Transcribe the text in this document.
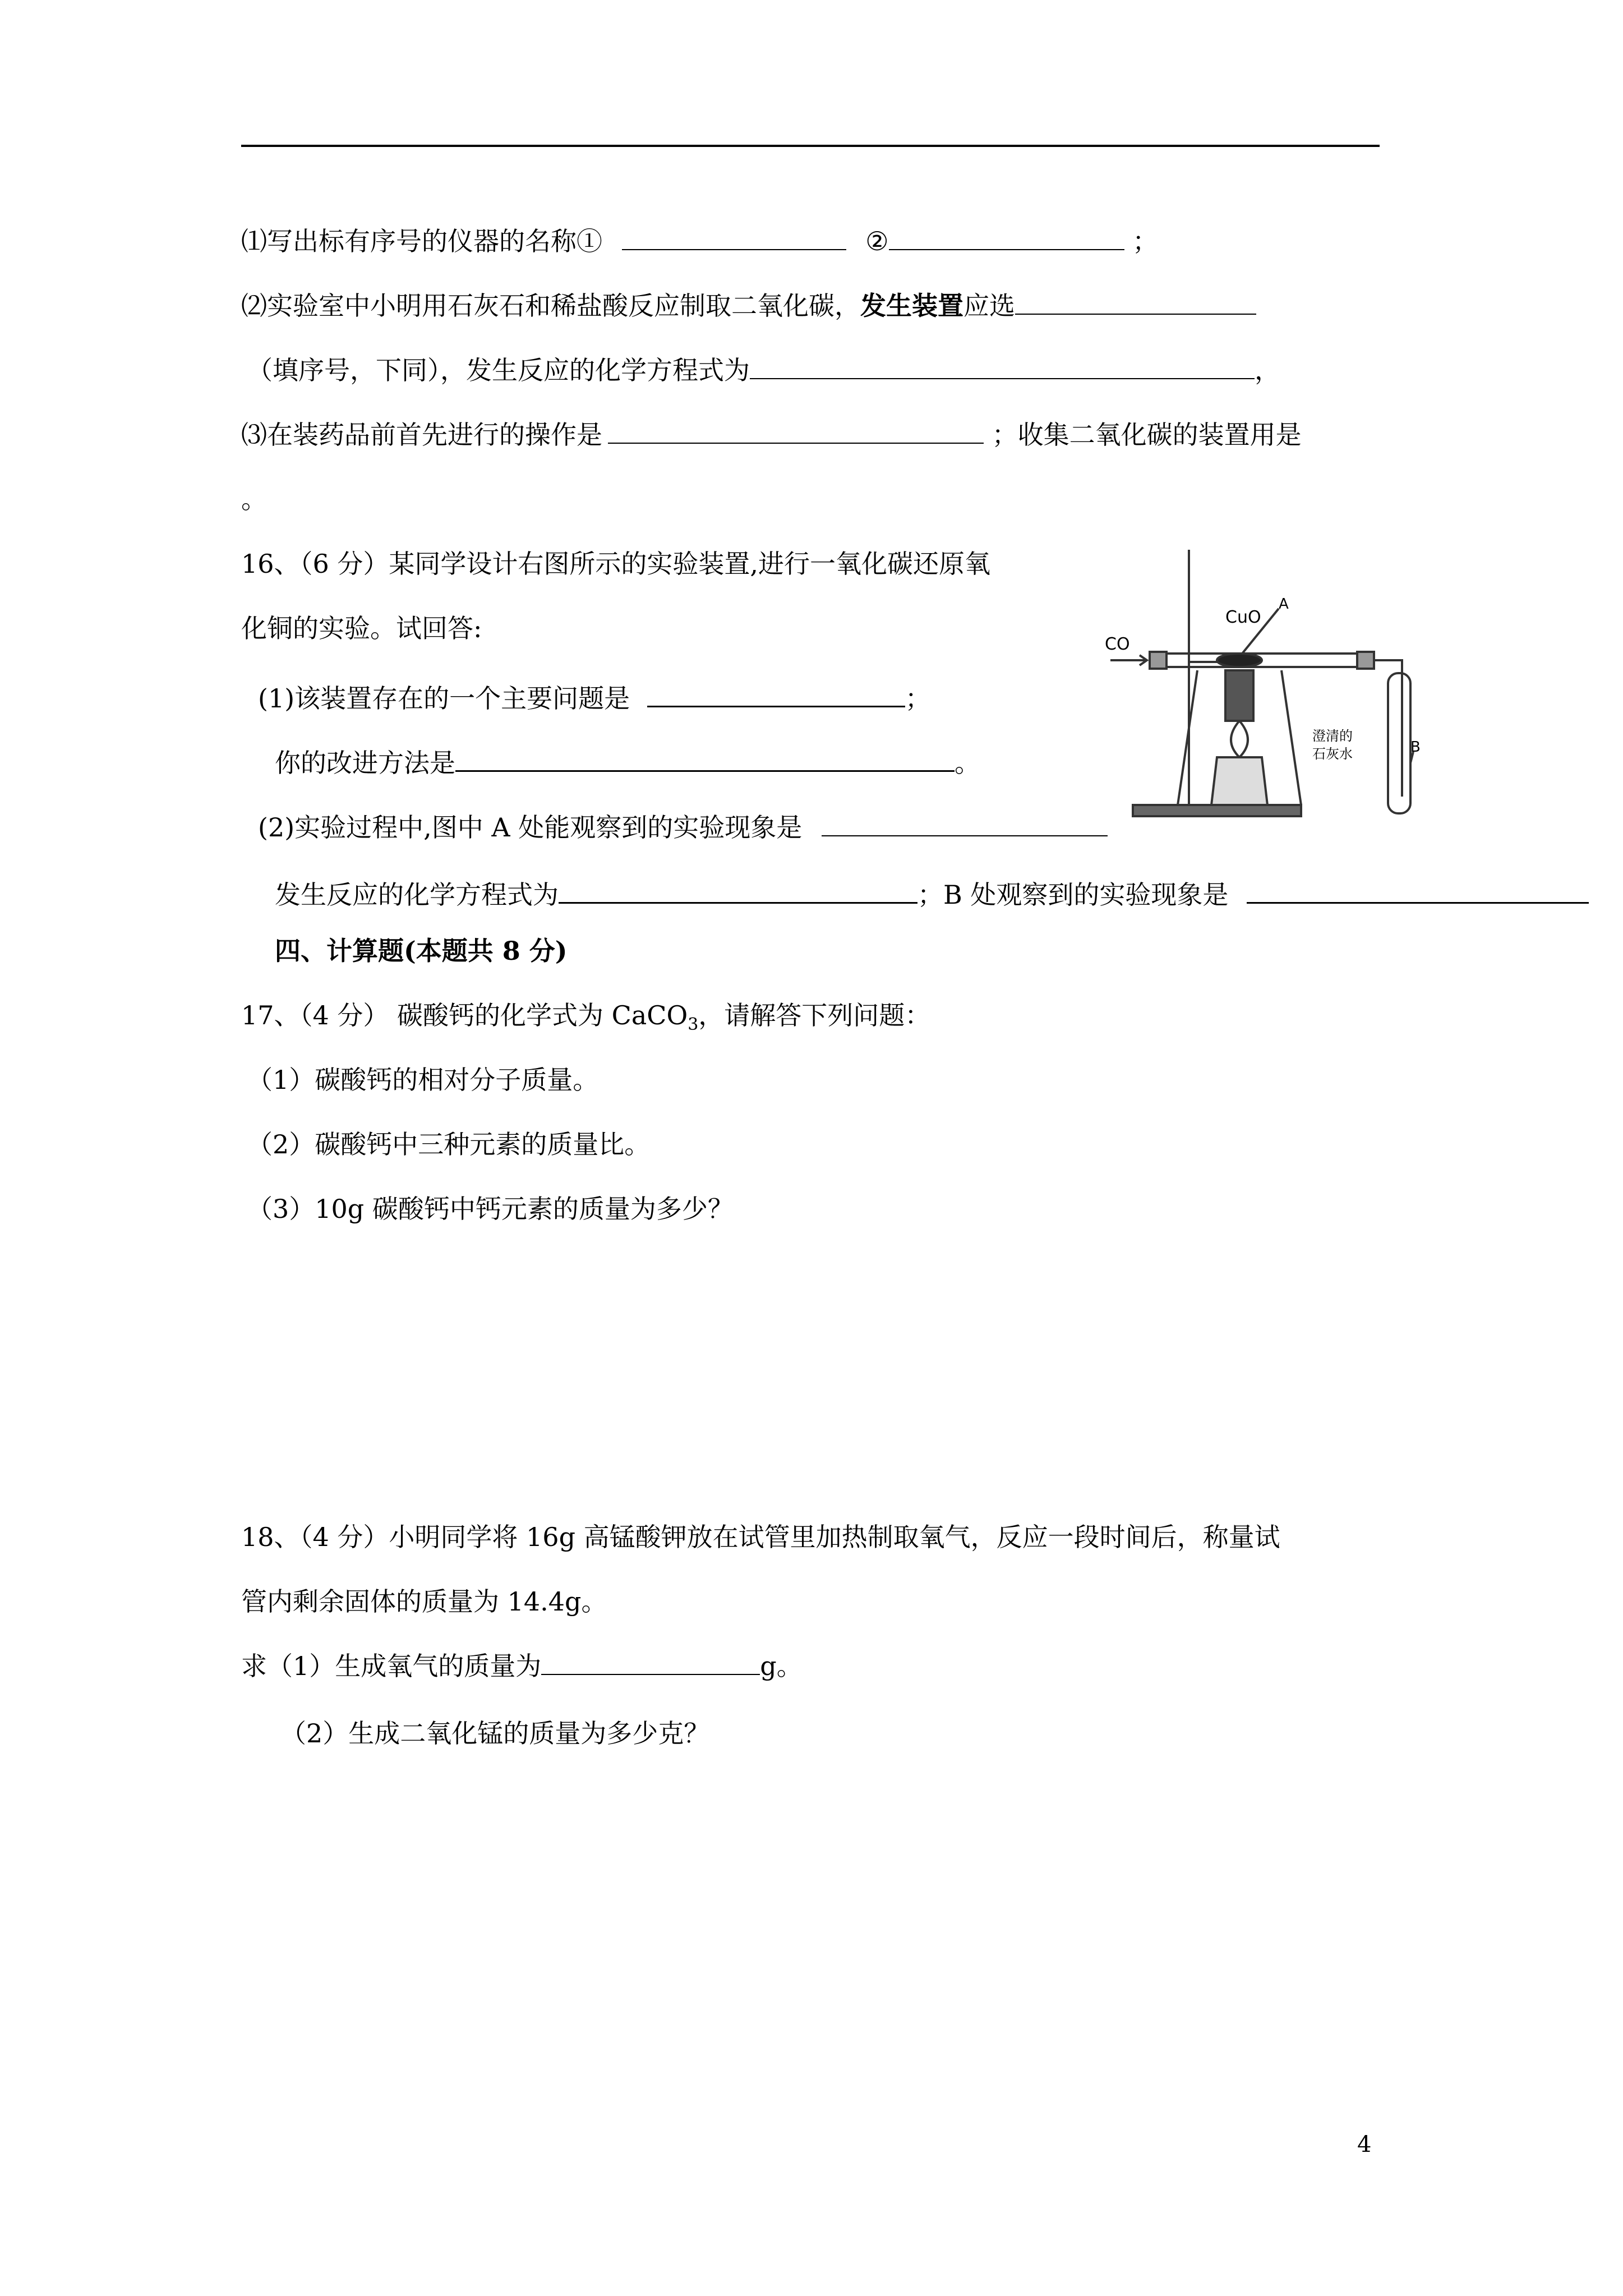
⑴写出标有序号的仪器的名称①	②	；
⑵实验室中小明用石灰石和稀盐酸反应制取二氧化碳，发生装置应选
（填序号，下同），发生反应的化学方程式为	，
⑶在装药品前首先进行的操作是	；收集二氧化碳的装置用是
。
16、（6 分）某同学设计右图所示的实验装置,进行一氧化碳还原氧
化铜的实验。试回答:
(1)该装置存在的一个主要问题是	；
你的改进方法是	。
(2)实验过程中,图中 A 处能观察到的实验现象是
发生反应的化学方程式为	；B 处观察到的实验现象是
CO
CuO
A
B
澄清的
石灰水
四、计算题(本题共 8 分)
17、（4 分） 碳酸钙的化学式为 CaCO$_3$，请解答下列问题：
（1）碳酸钙的相对分子质量。
（2）碳酸钙中三种元素的质量比。
（3）10g 碳酸钙中钙元素的质量为多少？
18、（4 分）小明同学将 16g 高锰酸钾放在试管里加热制取氧气，反应一段时间后，称量试
管内剩余固体的质量为 14.4g。
求（1）生成氧气的质量为	g。
（2）生成二氧化锰的质量为多少克？
4
